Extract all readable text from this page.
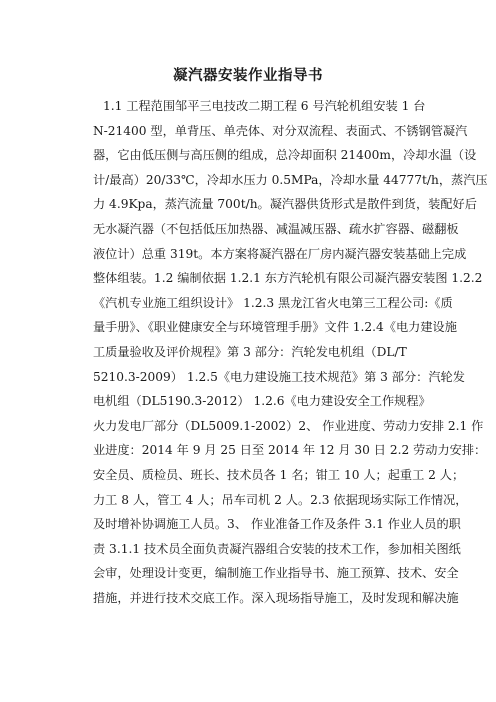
凝汽器安装作业指导书
1.1 工程范围邹平三电技改二期工程 6 号汽轮机组安装 1 台
N-21400 型，单背压、单壳体、对分双流程、表面式、不锈钢管凝汽
器，它由低压侧与高压侧的组成，总冷却面积 21400m，冷却水温（设
计/最高）20/33℃，冷却水压力 0.5MPa，冷却水量 44777t/h，蒸汽压
力 4.9Kpa，蒸汽流量 700t/h。凝汽器供货形式是散件到货，装配好后
无水凝汽器（不包括低压加热器、减温减压器、疏水扩容器、磁翻板
液位计）总重 319t。本方案将凝汽器在厂房内凝汽器安装基础上完成
整体组装。1.2 编制依据 1.2.1 东方汽轮机有限公司凝汽器安装图 1.2.2
《汽机专业施工组织设计》 1.2.3 黑龙江省火电第三工程公司:《质
量手册》、《职业健康安全与环境管理手册》文件 1.2.4《电力建设施
工质量验收及评价规程》第 3 部分：汽轮发电机组（DL/T
5210.3-2009） 1.2.5《电力建设施工技术规范》第 3 部分：汽轮发
电机组（DL5190.3-2012） 1.2.6《电力建设安全工作规程》
火力发电厂部分（DL5009.1-2002）2、 作业进度、劳动力安排 2.1 作
业进度：2014 年 9 月 25 日至 2014 年 12 月 30 日 2.2 劳动力安排：
安全员、质检员、班长、技术员各 1 名；钳工 10 人；起重工 2 人；
力工 8 人，管工 4 人；吊车司机 2 人。2.3 依据现场实际工作情况，
及时增补协调施工人员。3、 作业准备工作及条件 3.1 作业人员的职
责 3.1.1 技术员全面负责凝汽器组合安装的技术工作，参加相关图纸
会审，处理设计变更，编制施工作业指导书、施工预算、技术、安全
措施，并进行技术交底工作。深入现场指导施工，及时发现和解决施
